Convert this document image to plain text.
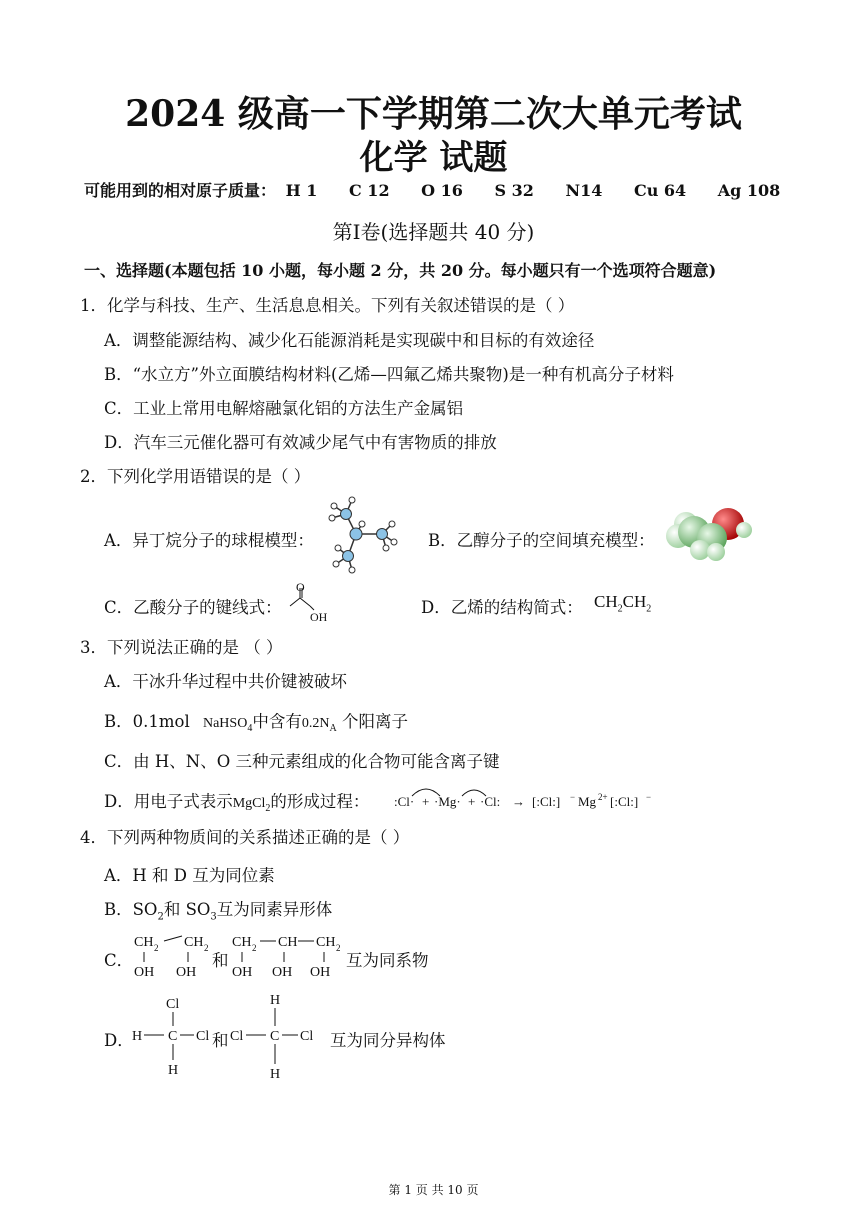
2024 级高一下学期第二次大单元考试
化学 试题
可能用到的相对原子质量： H 1 C 12 O 16 S 32 N14 Cu 64 Ag 108
第Ⅰ卷(选择题共 40 分)
一、选择题(本题包括 10 小题，每小题 2 分，共 20 分。每小题只有一个选项符合题意)
1．化学与科技、生产、生活息息相关。下列有关叙述错误的是（ ）
A．调整能源结构、减少化石能源消耗是实现碳中和目标的有效途径
B．“水立方”外立面膜结构材料(乙烯—四氟乙烯共聚物)是一种有机高分子材料
C．工业上常用电解熔融氯化铝的方法生产金属铝
D．汽车三元催化器可有效减少尾气中有害物质的排放
2．下列化学用语错误的是（ ）
A．异丁烷分子的球棍模型：	B．乙醇分子的空间填充模型：
C．乙酸分子的键线式：
O
OH	D．乙烯的结构简式： $CH_2CH_2$
3．下列说法正确的是 （ ）
A．干冰升华过程中共价键被破坏
B．0.1mol NaHSO$_4$中含有$0.2N_A$ 个阳离子
C．由 H、N、O 三种元素组成的化合物可能含离子键
D．用电子式表示MgCl$_2$的形成过程： :Cl· + ·Mg· + ·Cl: → [:Cl:] − Mg 2+ [:Cl:] −
4．下列两种物质间的关系描述正确的是（ ）
A．H 和 D 互为同位素
B．$SO_2$和 $SO_3$互为同素异形体
C．
CH 2 CH 2
OH OH
CH 2 CH CH 2
OH OH OH
和	互为同系物
D．
Cl
H C Cl
H
H
C Cl
H
Cl
和	互为同分异构体
第 1 页 共 10 页
